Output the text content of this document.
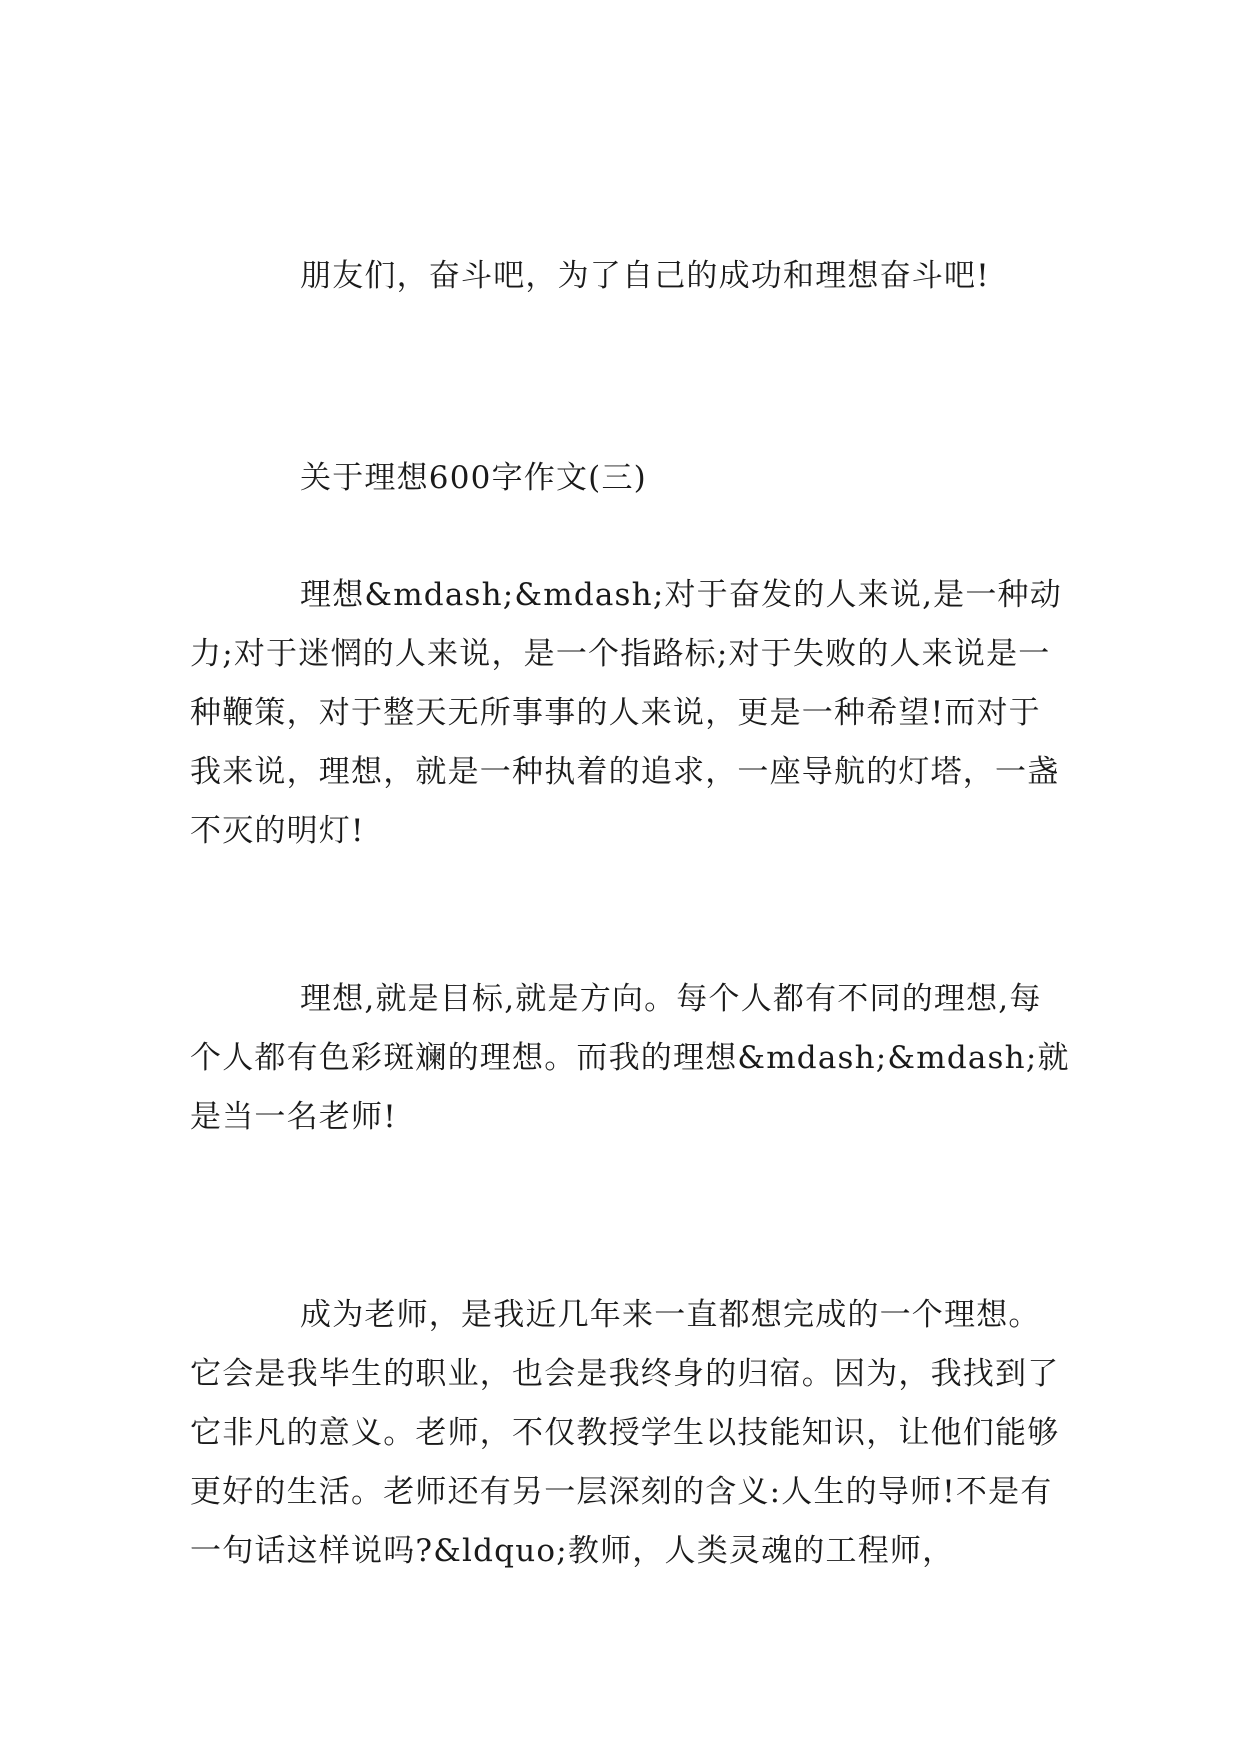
朋友们，奋斗吧，为了自己的成功和理想奋斗吧!

关于理想600字作文(三)

理想&mdash;&mdash;对于奋发的人来说,是一种动力;对于迷惘的人来说，是一个指路标;对于失败的人来说是一种鞭策，对于整天无所事事的人来说，更是一种希望!而对于我来说，理想，就是一种执着的追求，一座导航的灯塔，一盏不灭的明灯!

理想,就是目标,就是方向。每个人都有不同的理想,每个人都有色彩斑斓的理想。而我的理想&mdash;&mdash;就是当一名老师!

成为老师，是我近几年来一直都想完成的一个理想。它会是我毕生的职业，也会是我终身的归宿。因为，我找到了它非凡的意义。老师，不仅教授学生以技能知识，让他们能够更好的生活。老师还有另一层深刻的含义:人生的导师!不是有一句话这样说吗?&ldquo;教师，人类灵魂的工程师，
